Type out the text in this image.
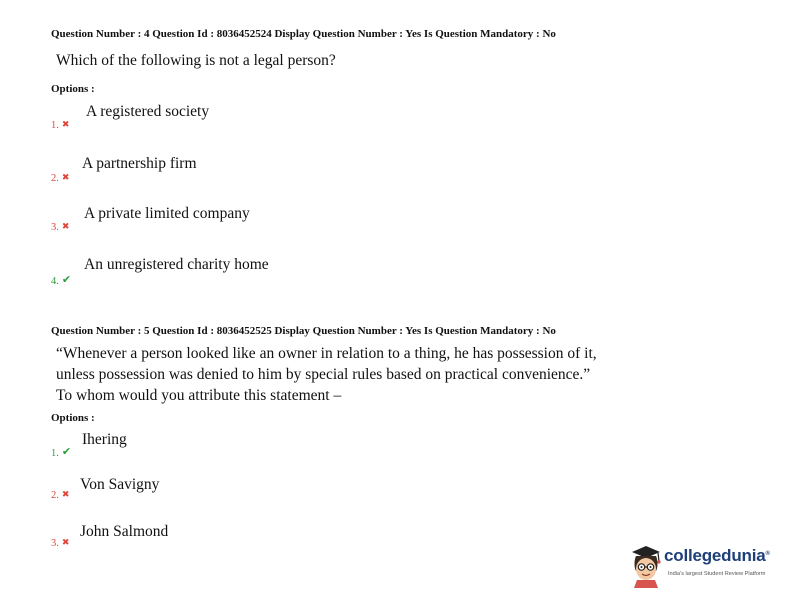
Question Number : 4 Question Id : 8036452524 Display Question Number : Yes Is Question Mandatory : No
Which of the following is not a legal person?
Options :
1. ✖
A registered society
2. ✖
A partnership firm
3. ✖
A private limited company
4. ✔
An unregistered charity home
Question Number : 5 Question Id : 8036452525 Display Question Number : Yes Is Question Mandatory : No
“Whenever a person looked like an owner in relation to a thing, he has possession of it,
unless possession was denied to him by special rules based on practical convenience.”
To whom would you attribute this statement –
Options :
1. ✔
Ihering
2. ✖
Von Savigny
3. ✖
John Salmond
collegedunia®
India's largest Student Review Platform
